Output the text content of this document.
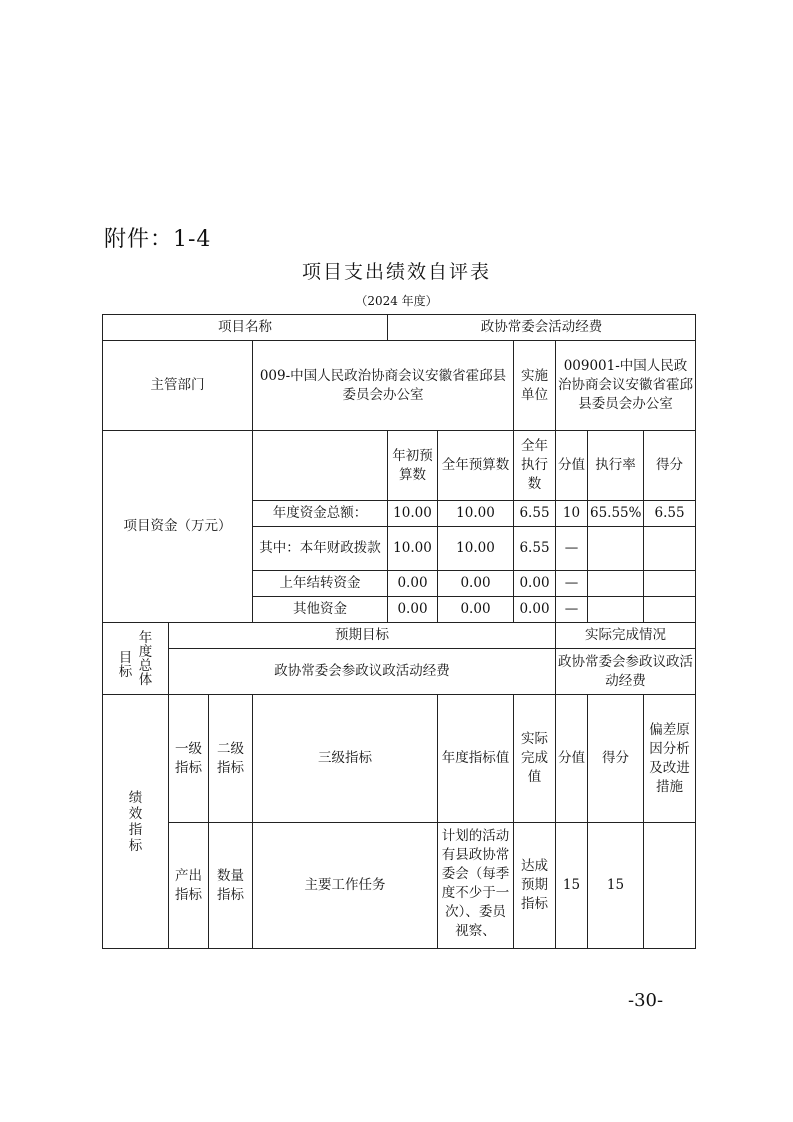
附件：1-4
项目支出绩效自评表
（2024 年度）
项目名称				政协常委会活动经费					
主管部门			009-中国人民政治协商会议安徽省霍邱县委员会办公室			实施单位	009001-中国人民政治协商会议安徽省霍邱县委员会办公室		
项目资金（万元）				年初预算数	全年预算数	全年执行数	分值	执行率	得分
			年度资金总额：	10.00	10.00	6.55	10	65.55%	6.55
			其中：本年财政拨款	10.00	10.00	6.55	—		
			上年结转资金	0.00	0.00	0.00	—		
			其他资金	0.00	0.00	0.00	—		

目标
年度总体	预期目标						实际完成情况		
	政协常委会参政议政活动经费						政协常委会参政议政活动经费		
绩效指标	一级指标	二级指标	三级指标		年度指标值	实际完成值	分值	得分	偏差原因分析及改进措施
	产出指标	数量指标	主要工作任务		计划的活动有县政协常委会（每季度不少于一次）、委员视察、	达成预期指标	15	15	
-30-
